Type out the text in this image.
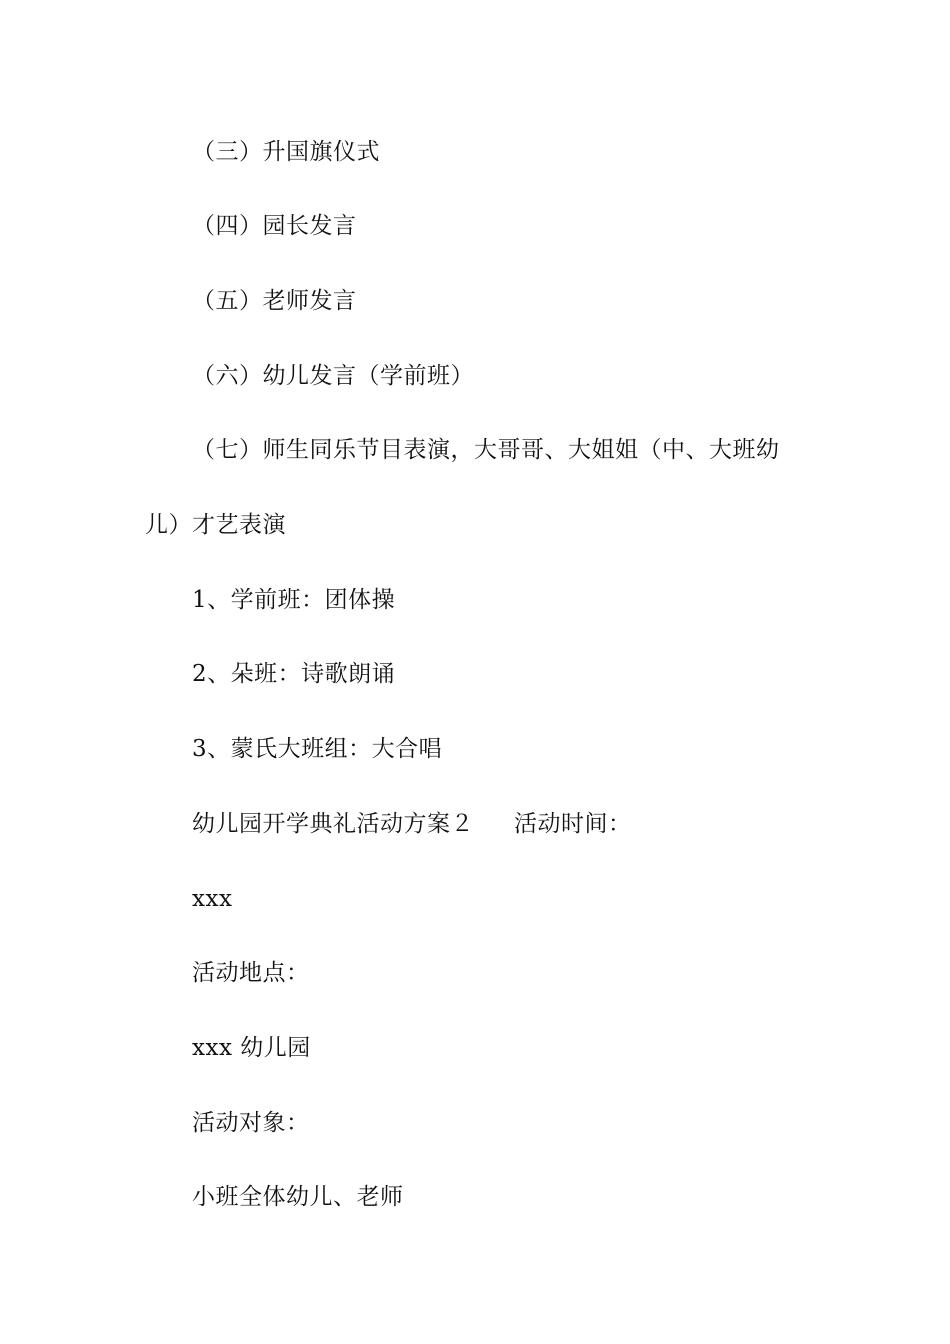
（三）升国旗仪式
（四）园长发言
（五）老师发言
（六）幼儿发言（学前班）
（七）师生同乐节目表演，大哥哥、大姐姐（中、大班幼
儿）才艺表演
1、学前班：团体操
2、朵班：诗歌朗诵
3、蒙氏大班组：大合唱
幼儿园开学典礼活动方案２ 活动时间：
xxx
活动地点：
xxx 幼儿园
活动对象：
小班全体幼儿、老师
